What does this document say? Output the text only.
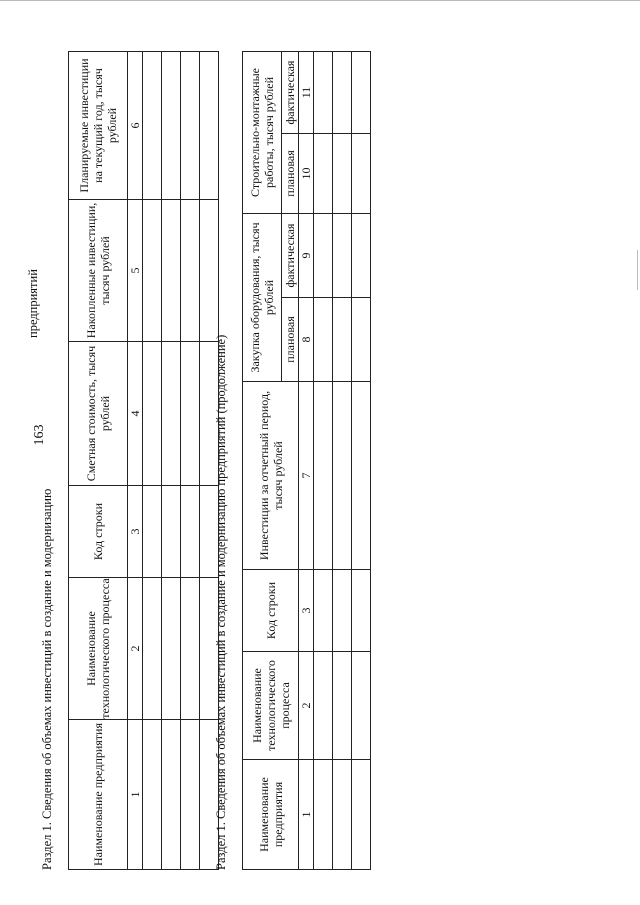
163
Раздел 1. Сведения об объемах инвестиций в создание и модернизацию
предприятий
Наименование предприятия	Наименование технологического процесса	Код строки	Сметная стоимость, тысяч рублей	Накопленные инвестиции, тысяч рублей	Планируемые инвестиции на текущий год, тысяч рублей
1	2	3	4	5	6

Раздел 1. Сведения об объемах инвестиций в создание и модернизацию предприятий (продолжение) Наименование предприятия	Наименование технологического процесса	Код строки	Инвестиции за отчетный период, тысяч рублей	Закупка оборудования, тысяч рублей		Строительно-монтажные работы, тысяч рублей	
				плановая	фактическая	плановая	фактическая
1	2	3	7	8	9	10	11
